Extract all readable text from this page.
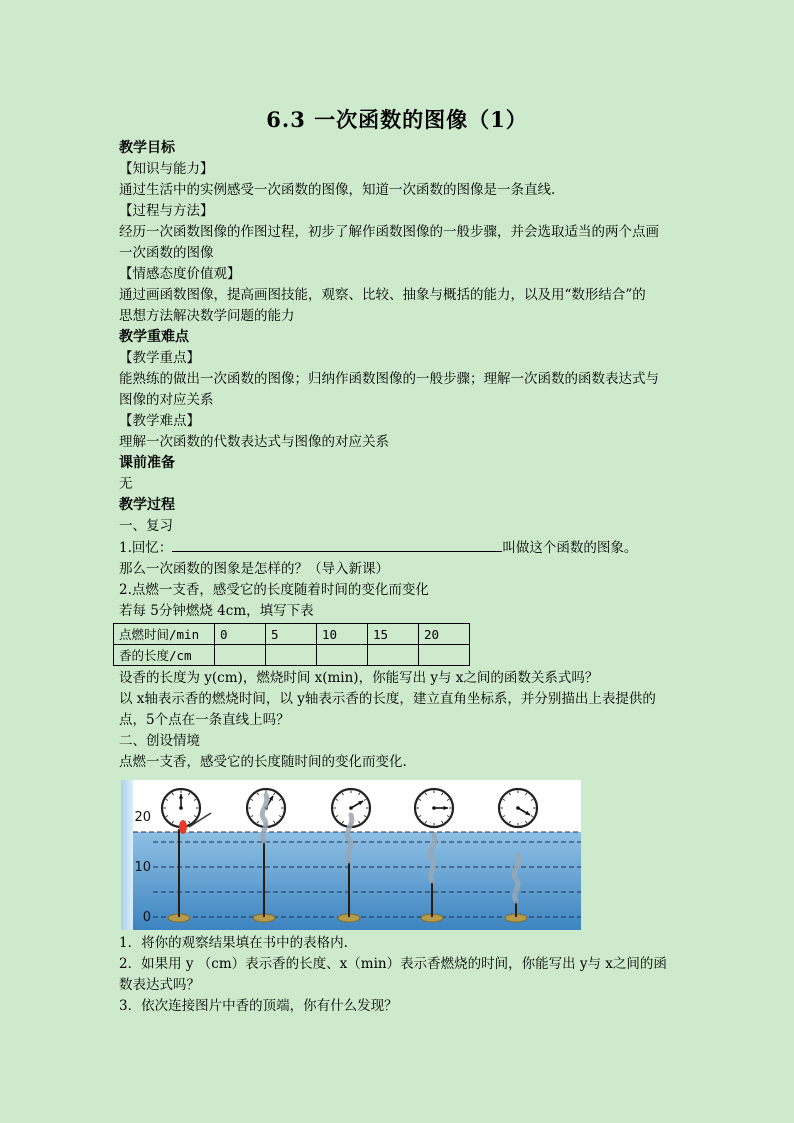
6.3 一次函数的图像（1）

教学目标

【知识与能力】

通过生活中的实例感受一次函数的图像，知道一次函数的图像是一条直线.

【过程与方法】

经历一次函数图像的作图过程，初步了解作函数图像的一般步骤，并会选取适当的两个点画

一次函数的图像

【情感态度价值观】

通过画函数图像，提高画图技能，观察、比较、抽象与概括的能力，以及用“数形结合”的

思想方法解决数学问题的能力

教学重难点

【教学重点】

能熟练的做出一次函数的图像；归纳作函数图像的一般步骤；理解一次函数的函数表达式与

图像的对应关系

【教学难点】

理解一次函数的代数表达式与图像的对应关系

课前准备

无

教学过程

一、复习

1.回忆：	叫做这个函数的图象。

那么一次函数的图象是怎样的？（导入新课）

2.点燃一支香，感受它的长度随着时间的变化而变化

若每 5分钟燃烧 4cm，填写下表

点燃时间/min	0	5	10	15	20
香的长度/cm					

设香的长度为 y(cm)，燃烧时间 x(min)，你能写出 y与 x之间的函数关系式吗？

以 x轴表示香的燃烧时间，以 y轴表示香的长度，建立直角坐标系，并分别描出上表提供的

点，5个点在一条直线上吗？

二、创设情境

点燃一支香，感受它的长度随时间的变化而变化.

20
10
0

1．将你的观察结果填在书中的表格内.

2．如果用 y （cm）表示香的长度、x（min）表示香燃烧的时间，你能写出 y与 x之间的函

数表达式吗？

3．依次连接图片中香的顶端，你有什么发现？
